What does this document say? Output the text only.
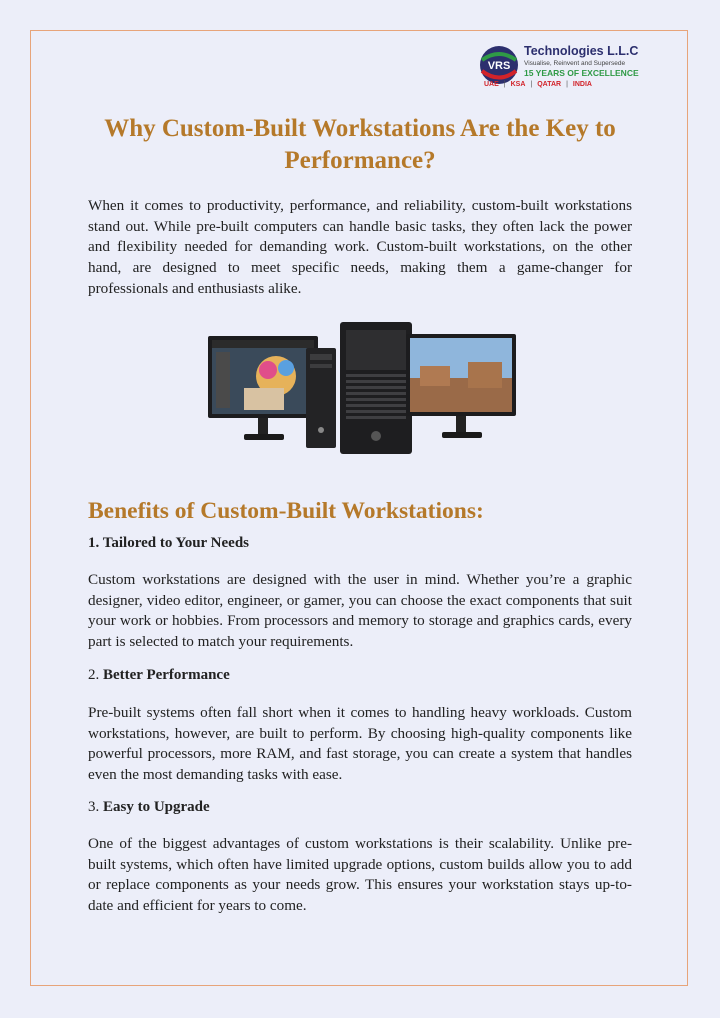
VRS
Technologies L.L.C
Visualise, Reinvent and Supersede
15 YEARS OF EXCELLENCE
UAE | KSA | QATAR | INDIA
Why Custom-Built Workstations Are the Key to Performance?

When it comes to productivity, performance, and reliability, custom-built workstations stand out. While pre-built computers can handle basic tasks, they often lack the power and flexibility needed for demanding work. Custom-built workstations, on the other hand, are designed to meet specific needs, making them a game-changer for professionals and enthusiasts alike.

Benefits of Custom-Built Workstations:
1. Tailored to Your Needs

Custom workstations are designed with the user in mind. Whether you’re a graphic designer, video editor, engineer, or gamer, you can choose the exact components that suit your work or hobbies. From processors and memory to storage and graphics cards, every part is selected to match your requirements.

2. Better Performance

Pre-built systems often fall short when it comes to handling heavy workloads. Custom workstations, however, are built to perform. By choosing high-quality components like powerful processors, more RAM, and fast storage, you can create a system that handles even the most demanding tasks with ease.

3. Easy to Upgrade

One of the biggest advantages of custom workstations is their scalability. Unlike pre-built systems, which often have limited upgrade options, custom builds allow you to add or replace components as your needs grow. This ensures your workstation stays up-to-date and efficient for years to come.
